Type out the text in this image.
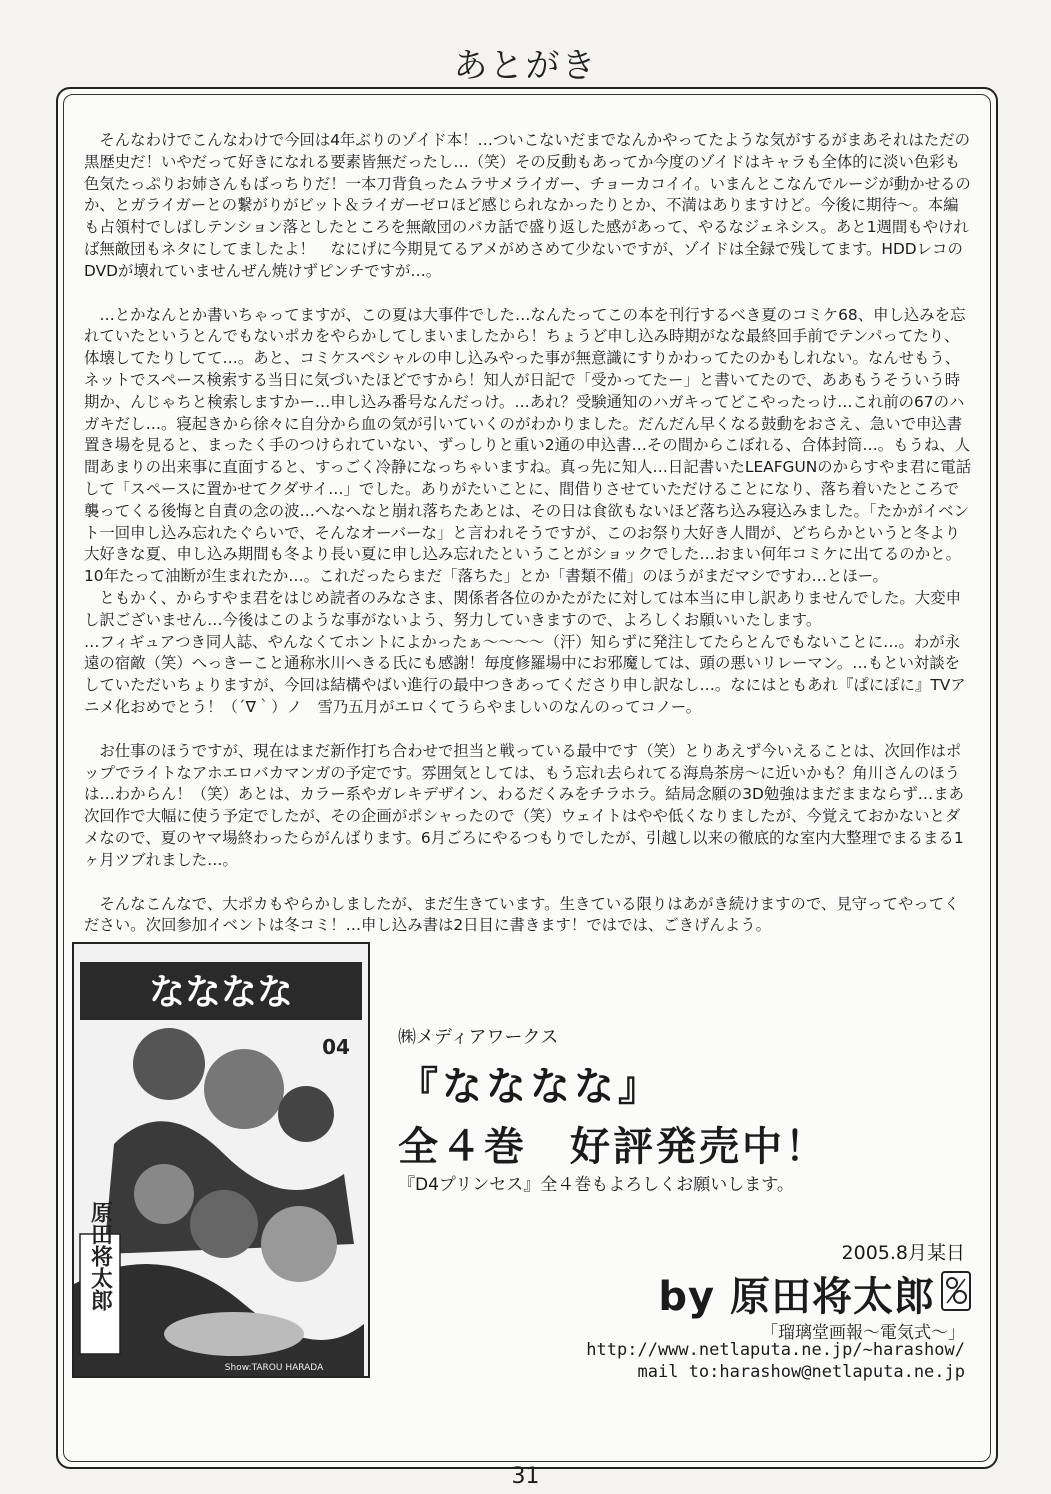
あとがき

そんなわけでこんなわけで今回は4年ぶりのゾイド本！…ついこないだまでなんかやってたような気がするがまあそれはただの黒歴史だ！いやだって好きになれる要素皆無だったし…（笑）その反動もあってか今度のゾイドはキャラも全体的に淡い色彩も色気たっぷりお姉さんもばっちりだ！一本刀背負ったムラサメライガー、チョーカコイイ。いまんとこなんでルージが動かせるのか、とガライガーとの繋がりがビット＆ライガーゼロほど感じられなかったりとか、不満はありますけど。今後に期待～。本編も占領村でしばしテンション落としたところを無敵団のバカ話で盛り返した感があって、やるなジェネシス。あと1週間もやければ無敵団もネタにしてましたよ！　なにげに今期見てるアメがめさめて少ないですが、ゾイドは全録で残してます。HDDレコのDVDが壊れていませんぜん焼けずピンチですが…。

…とかなんとか書いちゃってますが、この夏は大事件でした…なんたってこの本を刊行するべき夏のコミケ68、申し込みを忘れていたというとんでもないポカをやらかしてしまいましたから！ちょうど申し込み時期がなな最終回手前でテンパってたり、体壊してたりしてて…。あと、コミケスペシャルの申し込みやった事が無意識にすりかわってたのかもしれない。なんせもう、ネットでスペース検索する当日に気づいたほどですから！知人が日記で「受かってたー」と書いてたので、ああもうそういう時期か、んじゃちと検索しますかー…申し込み番号なんだっけ。…あれ？受験通知のハガキってどこやったっけ…これ前の67のハガキだし…。寝起きから徐々に自分から血の気が引いていくのがわかりました。だんだん早くなる鼓動をおさえ、急いで申込書置き場を見ると、まったく手のつけられていない、ずっしりと重い2通の申込書…その間からこぼれる、合体封筒…。もうね、人間あまりの出来事に直面すると、すっごく冷静になっちゃいますね。真っ先に知人…日記書いたLEAFGUNのからすやま君に電話して「スペースに置かせてクダサイ…」でした。ありがたいことに、間借りさせていただけることになり、落ち着いたところで襲ってくる後悔と自責の念の波…へなへなと崩れ落ちたあとは、その日は食欲もないほど落ち込み寝込みました。「たかがイベント一回申し込み忘れたぐらいで、そんなオーバーな」と言われそうですが、このお祭り大好き人間が、どちらかというと冬より大好きな夏、申し込み期間も冬より長い夏に申し込み忘れたということがショックでした…おまい何年コミケに出てるのかと。10年たって油断が生まれたか…。これだったらまだ「落ちた」とか「書類不備」のほうがまだマシですわ…とほー。

ともかく、からすやま君をはじめ読者のみなさま、関係者各位のかたがたに対しては本当に申し訳ありませんでした。大変申し訳ございません…今後はこのような事がないよう、努力していきますので、よろしくお願いいたします。

…フィギュアつき同人誌、やんなくてホントによかったぁ～～～～（汗）知らずに発注してたらとんでもないことに…。わが永遠の宿敵（笑）へっきーこと通称氷川へきる氏にも感謝！毎度修羅場中にお邪魔しては、頭の悪いリレーマン。…もとい対談をしていただいちょりますが、今回は結構やばい進行の最中つきあってくださり申し訳なし…。なにはともあれ『ぱにぽに』TVアニメ化おめでとう！（´∇｀）ノ　雪乃五月がエロくてうらやましいのなんのってコノー。

お仕事のほうですが、現在はまだ新作打ち合わせで担当と戦っている最中です（笑）とりあえず今いえることは、次回作はポップでライトなアホエロバカマンガの予定です。雰囲気としては、もう忘れ去られてる海鳥茶房～に近いかも？角川さんのほうは…わからん！（笑）あとは、カラー系やガレキデザイン、わるだくみをチラホラ。結局念願の3D勉強はまだままならず…まあ次回作で大幅に使う予定でしたが、その企画がポシャったので（笑）ウェイトはやや低くなりましたが、今覚えておかないとダメなので、夏のヤマ場終わったらがんばります。6月ごろにやるつもりでしたが、引越し以来の徹底的な室内大整理でまるまる1ヶ月ツブれました…。

そんなこんなで、大ポカもやらかしましたが、まだ生きています。生きている限りはあがき続けますので、見守ってやってください。次回参加イベントは冬コミ！…申し込み書は2日目に書きます！ではでは、ごきげんよう。

なななな
04
原田将太郎
Show:TAROU HARADA
㈱メディアワークス
『なななな』
全４巻　好評発売中！
『D4プリンセス』全４巻もよろしくお願いします。
2005.8月某日
by 原田将太郎
「瑠璃堂画報～電気式～」
http://www.netlaputa.ne.jp/~harashow/
mail to:harashow@netlaputa.ne.jp
31
